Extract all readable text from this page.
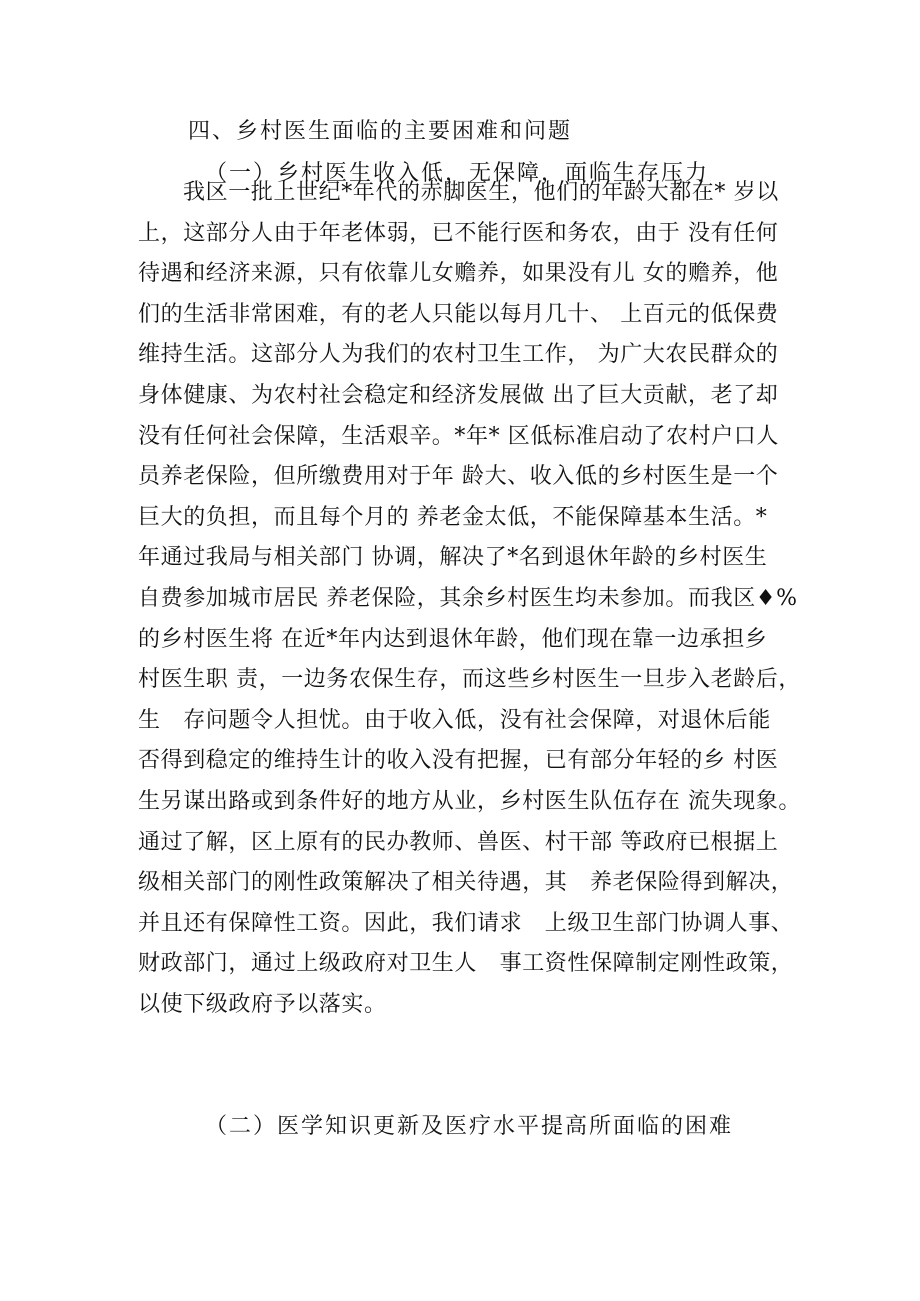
四、乡村医生面临的主要困难和问题
（一）乡村医生收入低，无保障，面临生存压力
我区一批上世纪*年代的赤脚医生，他们的年龄大都在* 岁以
上，这部分人由于年老体弱，已不能行医和务农，由于 没有任何
待遇和经济来源，只有依靠儿女赡养，如果没有儿 女的赡养，他
们的生活非常困难，有的老人只能以每月几十、 上百元的低保费
维持生活。这部分人为我们的农村卫生工作， 为广大农民群众的
身体健康、为农村社会稳定和经济发展做 出了巨大贡献，老了却
没有任何社会保障，生活艰辛。*年* 区低标准启动了农村户口人
员养老保险，但所缴费用对于年 龄大、收入低的乡村医生是一个
巨大的负担，而且每个月的 养老金太低，不能保障基本生活。*
年通过我局与相关部门 协调，解决了*名到退休年龄的乡村医生
自费参加城市居民 养老保险，其余乡村医生均未参加。而我区♦%
的乡村医生将 在近*年内达到退休年龄，他们现在靠一边承担乡
村医生职 责，一边务农保生存，而这些乡村医生一旦步入老龄后，
生　存问题令人担忧。由于收入低，没有社会保障，对退休后能
否得到稳定的维持生计的收入没有把握，已有部分年轻的乡 村医
生另谋出路或到条件好的地方从业，乡村医生队伍存在 流失现象。
通过了解，区上原有的民办教师、兽医、村干部 等政府已根据上
级相关部门的刚性政策解决了相关待遇，其　养老保险得到解决，
并且还有保障性工资。因此，我们请求　上级卫生部门协调人事、
财政部门，通过上级政府对卫生人　事工资性保障制定刚性政策，
以使下级政府予以落实。
（二）医学知识更新及医疗水平提高所面临的困难
